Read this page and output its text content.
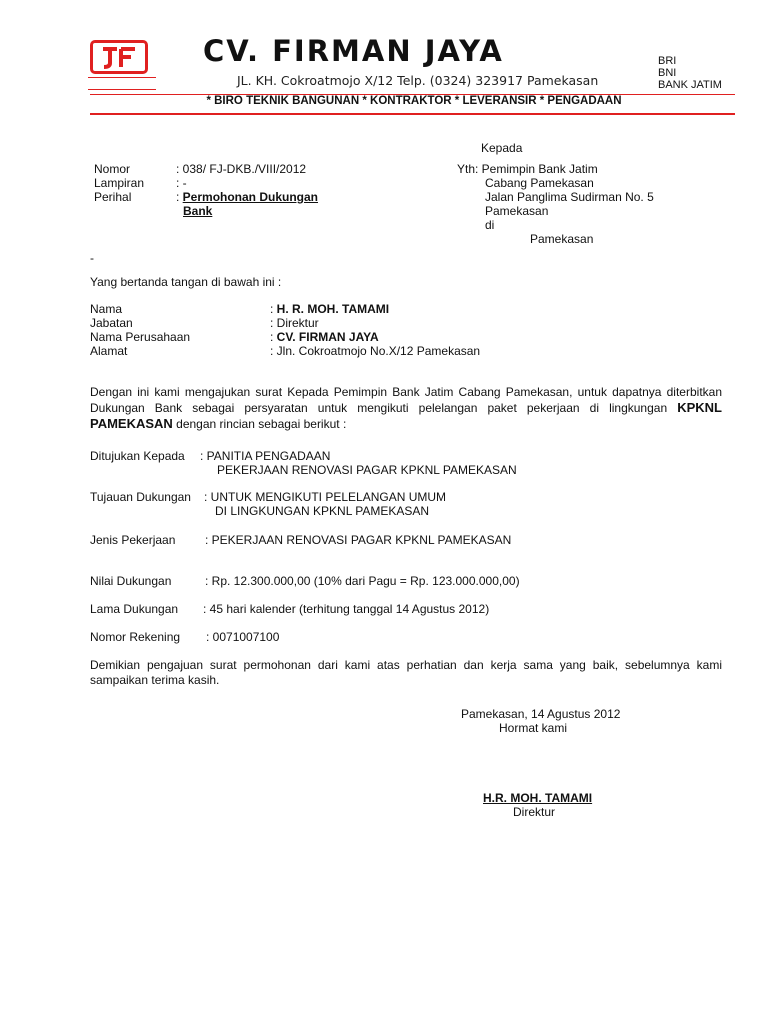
CV. FIRMAN JAYA
JL. KH. Cokroatmojo X/12 Telp. (0324) 323917 Pamekasan
BRI
BNI
BANK JATIM
* BIRO TEKNIK BANGUNAN * KONTRAKTOR * LEVERANSIR * PENGADAAN
Kepada
Yth: Pemimpin Bank Jatim
Cabang Pamekasan
Jalan Panglima Sudirman No. 5
Pamekasan
di
Pamekasan
Nomor	: 038/ FJ-DKB./VIII/2012
Lampiran	: -
Perihal	: Permohonan Dukungan
Bank
-
Yang bertanda tangan di bawah ini :
Nama	: H. R. MOH. TAMAMI
Jabatan	: Direktur
Nama Perusahaan	: CV. FIRMAN JAYA
Alamat	: Jln. Cokroatmojo No.X/12 Pamekasan
Dengan ini kami mengajukan surat Kepada Pemimpin Bank Jatim Cabang Pamekasan, untuk dapatnya diterbitkan
Dukungan Bank sebagai persyaratan untuk mengikuti pelelangan paket pekerjaan di lingkungan KPKNL
PAMEKASAN dengan rincian sebagai berikut :
Ditujukan Kepada : PANITIA PENGADAAN
PEKERJAAN RENOVASI PAGAR KPKNL PAMEKASAN
Tujauan Dukungan : UNTUK MENGIKUTI PELELANGAN UMUM
DI LINGKUNGAN KPKNL PAMEKASAN
Jenis Pekerjaan : PEKERJAAN RENOVASI PAGAR KPKNL PAMEKASAN
Nilai Dukungan	: Rp. 12.300.000,00 (10% dari Pagu = Rp. 123.000.000,00)
Lama Dukungan : 45 hari kalender (terhitung tanggal 14 Agustus 2012)
Nomor Rekening : 0071007100
Demikian pengajuan surat permohonan dari kami atas perhatian dan kerja sama yang baik, sebelumnya kami
sampaikan terima kasih.
Pamekasan, 14 Agustus 2012
Hormat kami
H.R. MOH. TAMAMI
Direktur
